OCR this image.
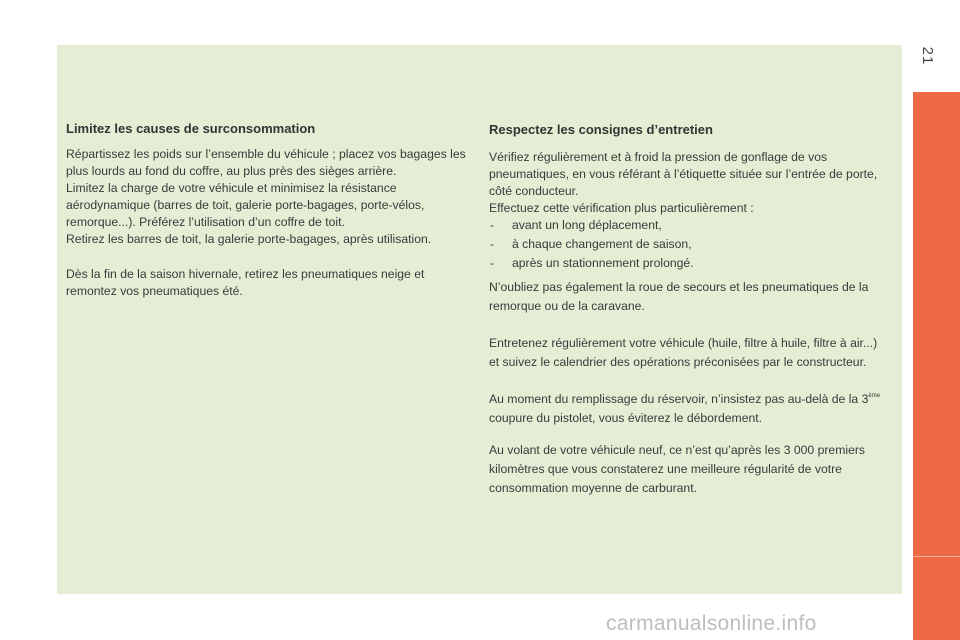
21
Limitez les causes de surconsommation

Répartissez les poids sur l’ensemble du véhicule ; placez vos bagages les plus lourds au fond du coffre, au plus près des sièges arrière.

Limitez la charge de votre véhicule et minimisez la résistance aérodynamique (barres de toit, galerie porte-bagages, porte-vélos, remorque...). Préférez l’utilisation d’un coffre de toit.

Retirez les barres de toit, la galerie porte-bagages, après utilisation.

Dès la fin de la saison hivernale, retirez les pneumatiques neige et remontez vos pneumatiques été.

Respectez les consignes d’entretien

Vérifiez régulièrement et à froid la pression de gonflage de vos pneumatiques, en vous référant à l’étiquette située sur l’entrée de porte, côté conducteur.

Effectuez cette vérification plus particulièrement :

- avant un long déplacement,
- à chaque changement de saison,
- après un stationnement prolongé.

N’oubliez pas également la roue de secours et les pneumatiques de la remorque ou de la caravane.

Entretenez régulièrement votre véhicule (huile, filtre à huile, filtre à air...) et suivez le calendrier des opérations préconisées par le constructeur.

Au moment du remplissage du réservoir, n’insistez pas au-delà de la 3ème coupure du pistolet, vous éviterez le débordement.

Au volant de votre véhicule neuf, ce n’est qu’après les 3 000 premiers kilomètres que vous constaterez une meilleure régularité de votre consommation moyenne de carburant.

carmanualsonline.info
